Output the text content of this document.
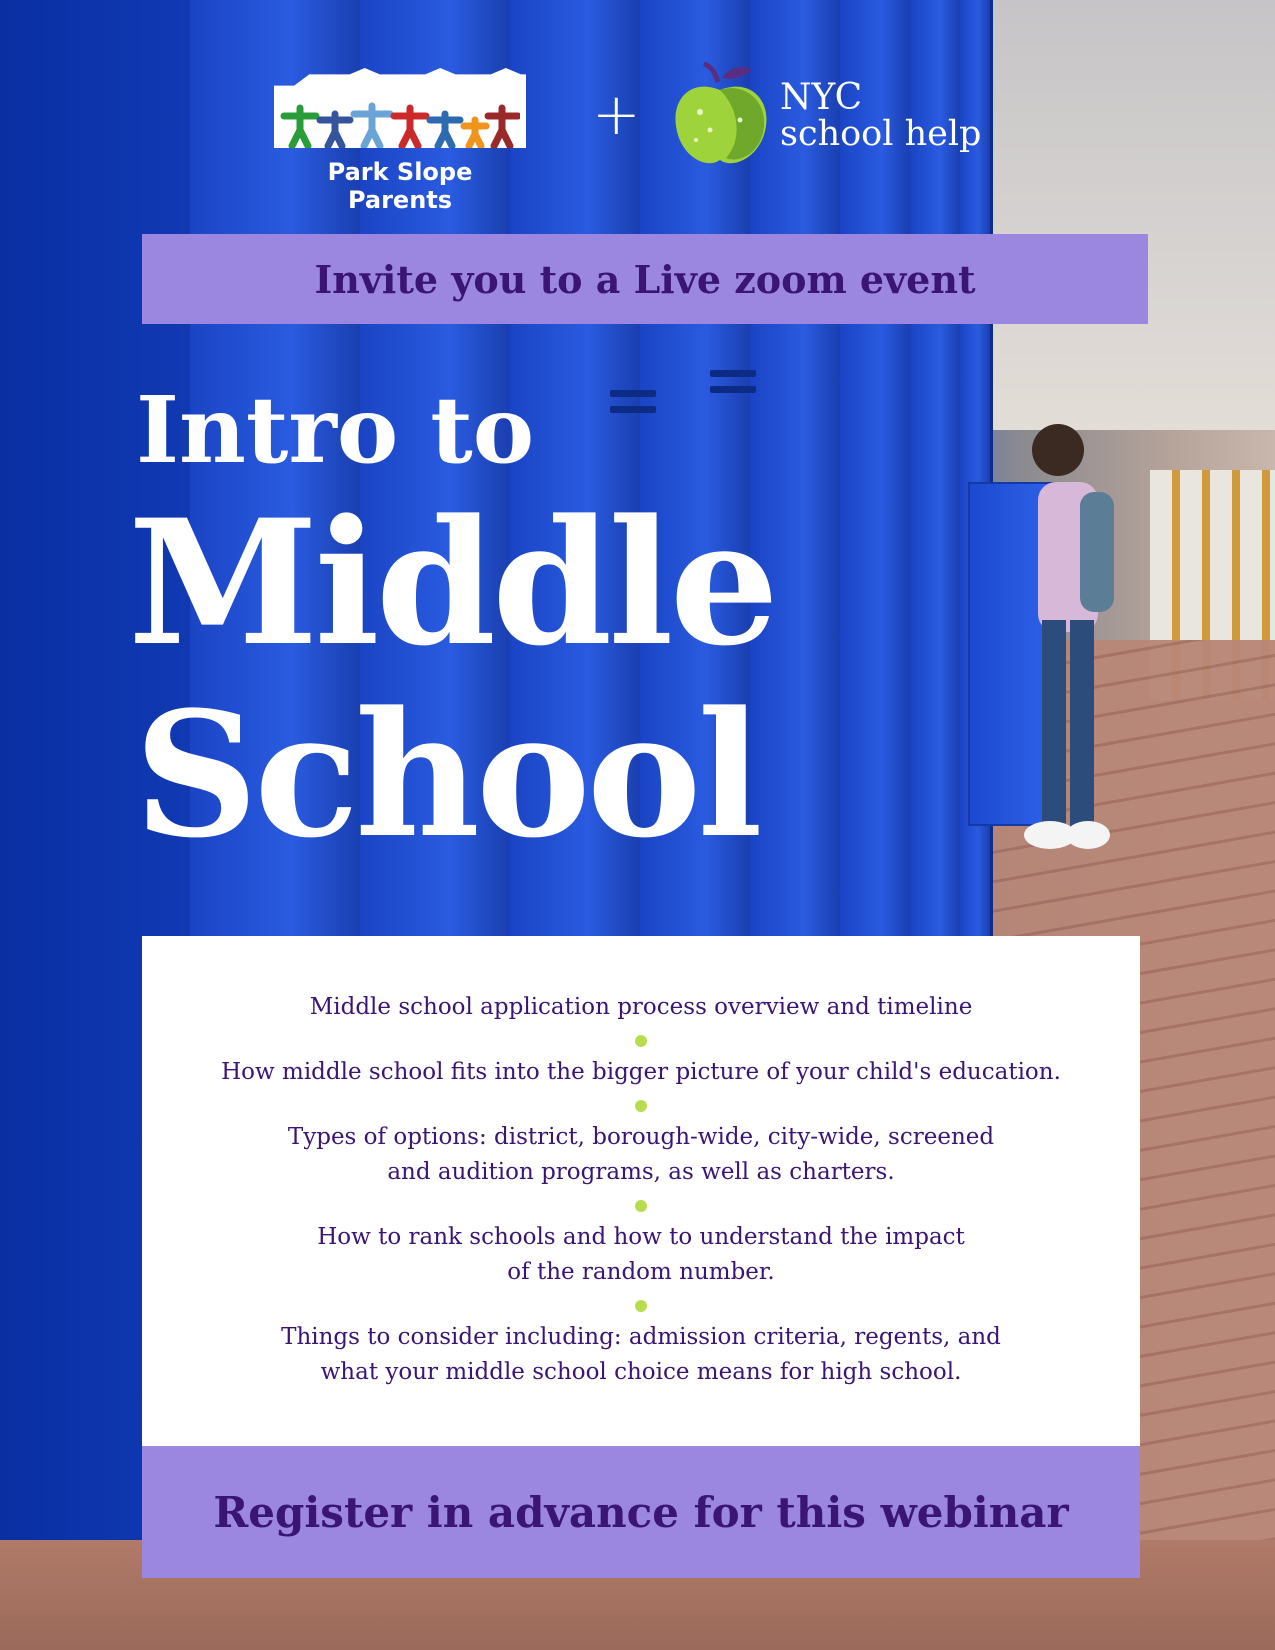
Park Slope Parents
+	NYC
school help
Invite you to a Live zoom event
Intro to
Middle
School
Middle school application process overview and timeline
How middle school fits into the bigger picture of your child's education.
Types of options: district, borough-wide, city-wide, screened and audition programs, as well as charters.
How to rank schools and how to understand the impact of the random number.
Things to consider including: admission criteria, regents, and what your middle school choice means for high school.
Register in advance for this webinar
